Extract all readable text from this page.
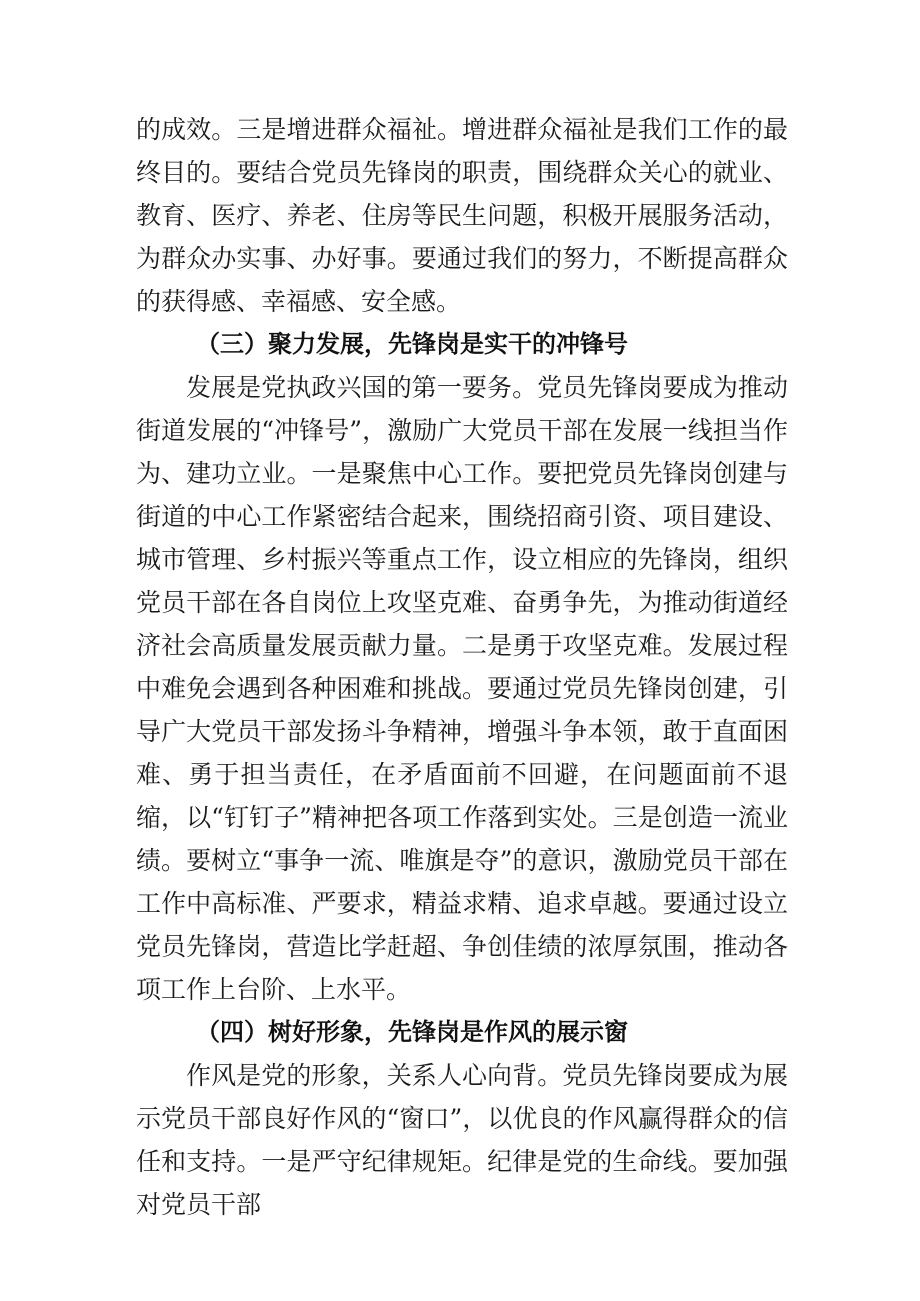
的成效。三是增进群众福祉。增进群众福祉是我们工作的最终目的。要结合党员先锋岗的职责，围绕群众关心的就业、教育、医疗、养老、住房等民生问题，积极开展服务活动，为群众办实事、办好事。要通过我们的努力，不断提高群众的获得感、幸福感、安全感。

（三）聚力发展，先锋岗是实干的冲锋号

发展是党执政兴国的第一要务。党员先锋岗要成为推动街道发展的“冲锋号”，激励广大党员干部在发展一线担当作为、建功立业。一是聚焦中心工作。要把党员先锋岗创建与街道的中心工作紧密结合起来，围绕招商引资、项目建设、城市管理、乡村振兴等重点工作，设立相应的先锋岗，组织党员干部在各自岗位上攻坚克难、奋勇争先，为推动街道经济社会高质量发展贡献力量。二是勇于攻坚克难。发展过程中难免会遇到各种困难和挑战。要通过党员先锋岗创建，引导广大党员干部发扬斗争精神，增强斗争本领，敢于直面困难、勇于担当责任，在矛盾面前不回避，在问题面前不退缩，以“钉钉子”精神把各项工作落到实处。三是创造一流业绩。要树立“事争一流、唯旗是夺”的意识，激励党员干部在工作中高标准、严要求，精益求精、追求卓越。要通过设立党员先锋岗，营造比学赶超、争创佳绩的浓厚氛围，推动各项工作上台阶、上水平。

（四）树好形象，先锋岗是作风的展示窗

作风是党的形象，关系人心向背。党员先锋岗要成为展示党员干部良好作风的“窗口”，以优良的作风赢得群众的信任和支持。一是严守纪律规矩。纪律是党的生命线。要加强对党员干部
